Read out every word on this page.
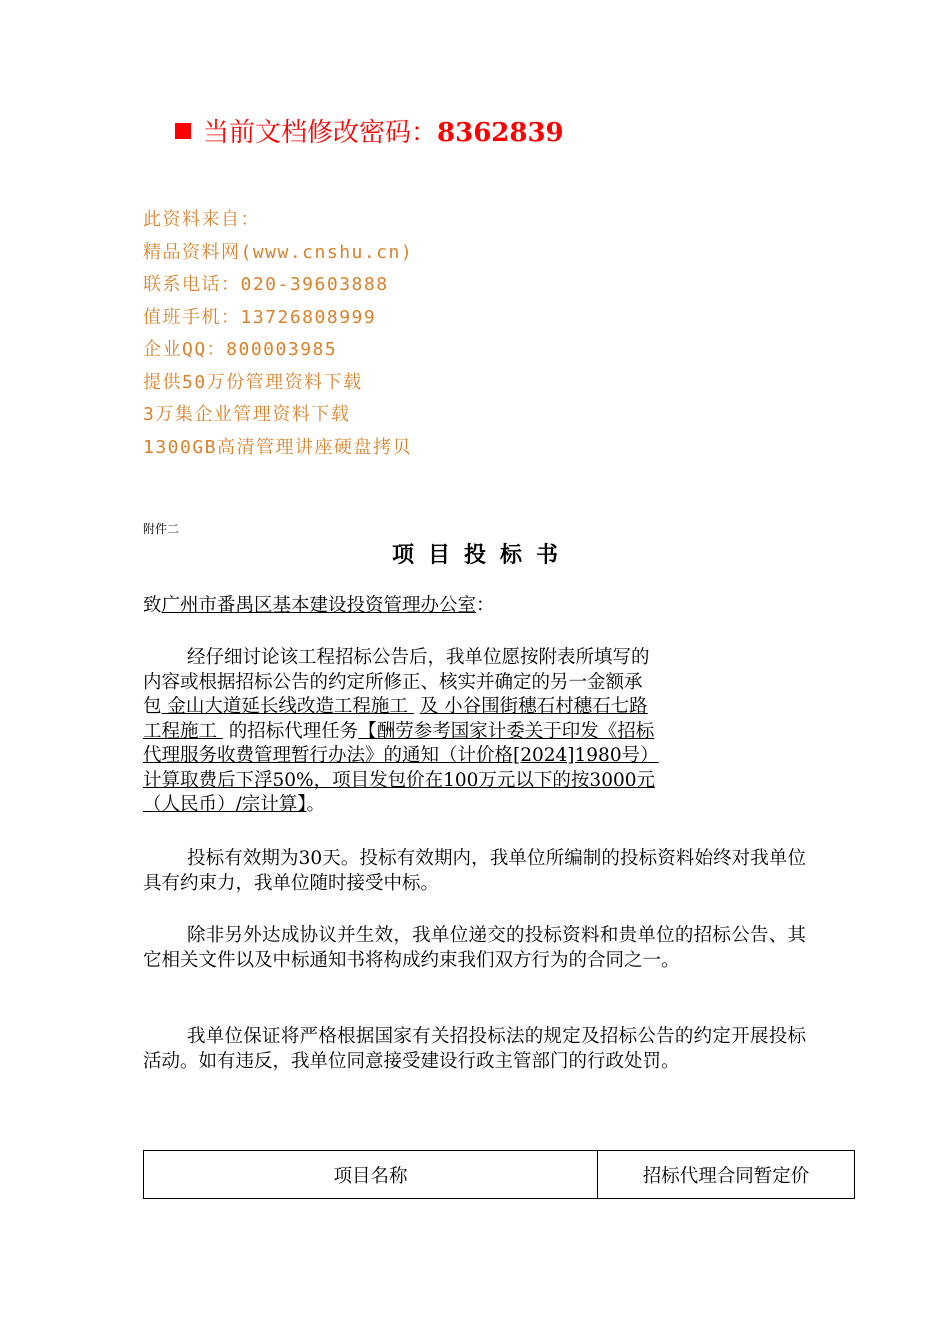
当前文档修改密码：8362839
此资料来自：
精品资料网(www.cnshu.cn)
联系电话：020-39603888
值班手机：13726808999
企业QQ：800003985
提供50万份管理资料下载
3万集企业管理资料下载
1300GB高清管理讲座硬盘拷贝
附件二
项目投标书
致广州市番禺区基本建设投资管理办公室：
经仔细讨论该工程招标公告后，我单位愿按附表所填写的
内容或根据招标公告的约定所修正、核实并确定的另一金额承
包 金山大道延长线改造工程施工 及 小谷围街穗石村穗石七路
工程施工  的招标代理任务【酬劳参考国家计委关于印发《招标
代理服务收费管理暂行办法》的通知（计价格[2024]1980号）
计算取费后下浮50%，项目发包价在100万元以下的按3000元
（人民币）/宗计算】。

投标有效期为30天。投标有效期内，我单位所编制的投标资料始终对我单位具有约束力，我单位随时接受中标。

除非另外达成协议并生效，我单位递交的投标资料和贵单位的招标公告、其它相关文件以及中标通知书将构成约束我们双方行为的合同之一。

我单位保证将严格根据国家有关招投标法的规定及招标公告的约定开展投标活动。如有违反，我单位同意接受建设行政主管部门的行政处罚。

项目名称	招标代理合同暂定价
